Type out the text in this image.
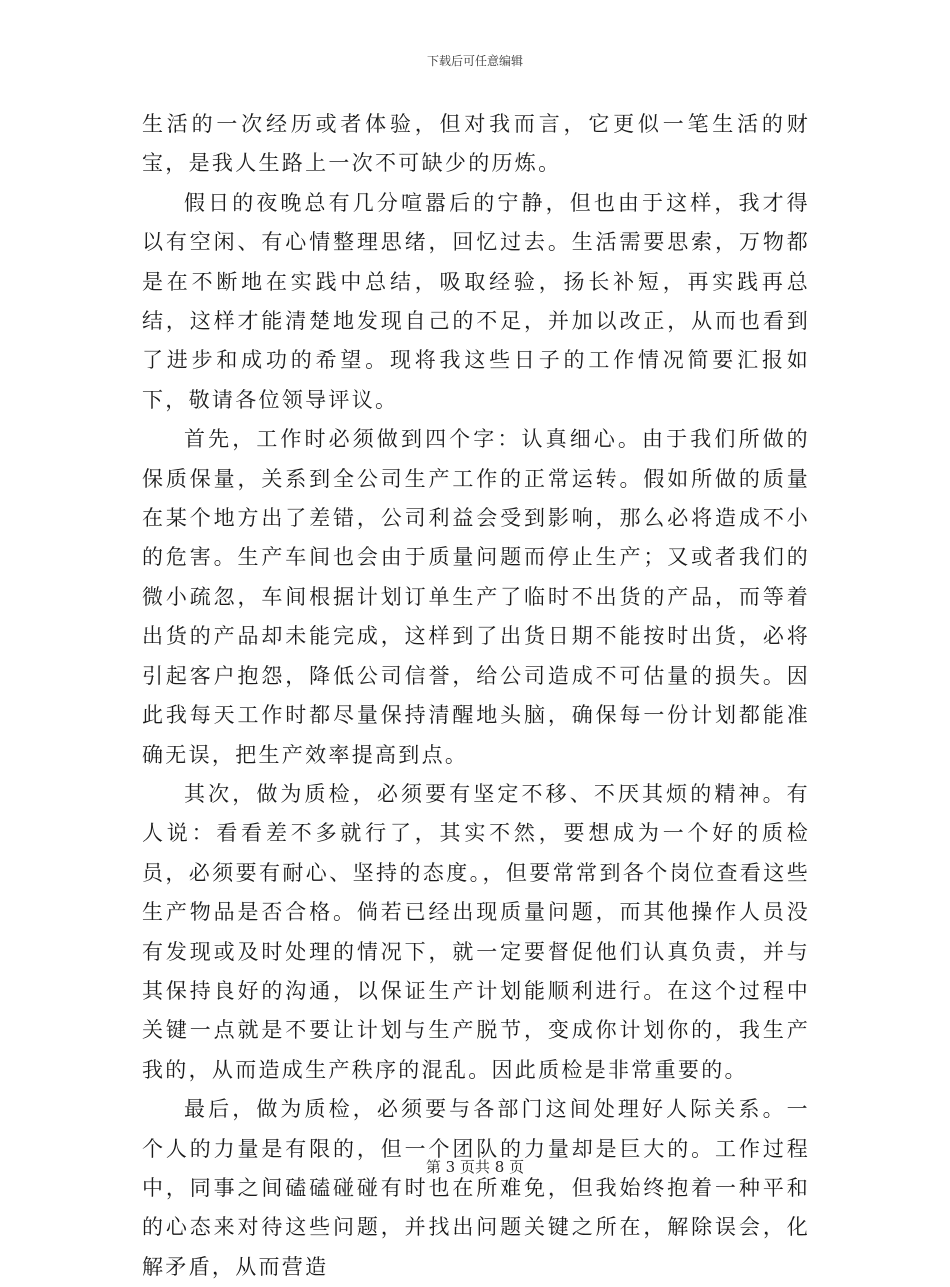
下载后可任意编辑

生活的一次经历或者体验，但对我而言，它更似一笔生活的财宝，是我人生路上一次不可缺少的历炼。

假日的夜晚总有几分喧嚣后的宁静，但也由于这样，我才得以有空闲、有心情整理思绪，回忆过去。生活需要思索，万物都是在不断地在实践中总结，吸取经验，扬长补短，再实践再总结，这样才能清楚地发现自己的不足，并加以改正，从而也看到了进步和成功的希望。现将我这些日子的工作情况简要汇报如下，敬请各位领导评议。

首先，工作时必须做到四个字：认真细心。由于我们所做的保质保量，关系到全公司生产工作的正常运转。假如所做的质量在某个地方出了差错，公司利益会受到影响，那么必将造成不小的危害。生产车间也会由于质量问题而停止生产；又或者我们的微小疏忽，车间根据计划订单生产了临时不出货的产品，而等着出货的产品却未能完成，这样到了出货日期不能按时出货，必将引起客户抱怨，降低公司信誉，给公司造成不可估量的损失。因此我每天工作时都尽量保持清醒地头脑，确保每一份计划都能准确无误，把生产效率提高到点。

其次，做为质检，必须要有坚定不移、不厌其烦的精神。有人说：看看差不多就行了，其实不然，要想成为一个好的质检员，必须要有耐心、坚持的态度。，但要常常到各个岗位查看这些生产物品是否合格。倘若已经出现质量问题，而其他操作人员没有发现或及时处理的情况下，就一定要督促他们认真负责，并与其保持良好的沟通，以保证生产计划能顺利进行。在这个过程中关键一点就是不要让计划与生产脱节，变成你计划你的，我生产我的，从而造成生产秩序的混乱。因此质检是非常重要的。

最后，做为质检，必须要与各部门这间处理好人际关系。一个人的力量是有限的，但一个团队的力量却是巨大的。工作过程中，同事之间磕磕碰碰有时也在所难免，但我始终抱着一种平和的心态来对待这些问题，并找出问题关键之所在，解除误会，化解矛盾，从而营造

第 3 页共 8 页
